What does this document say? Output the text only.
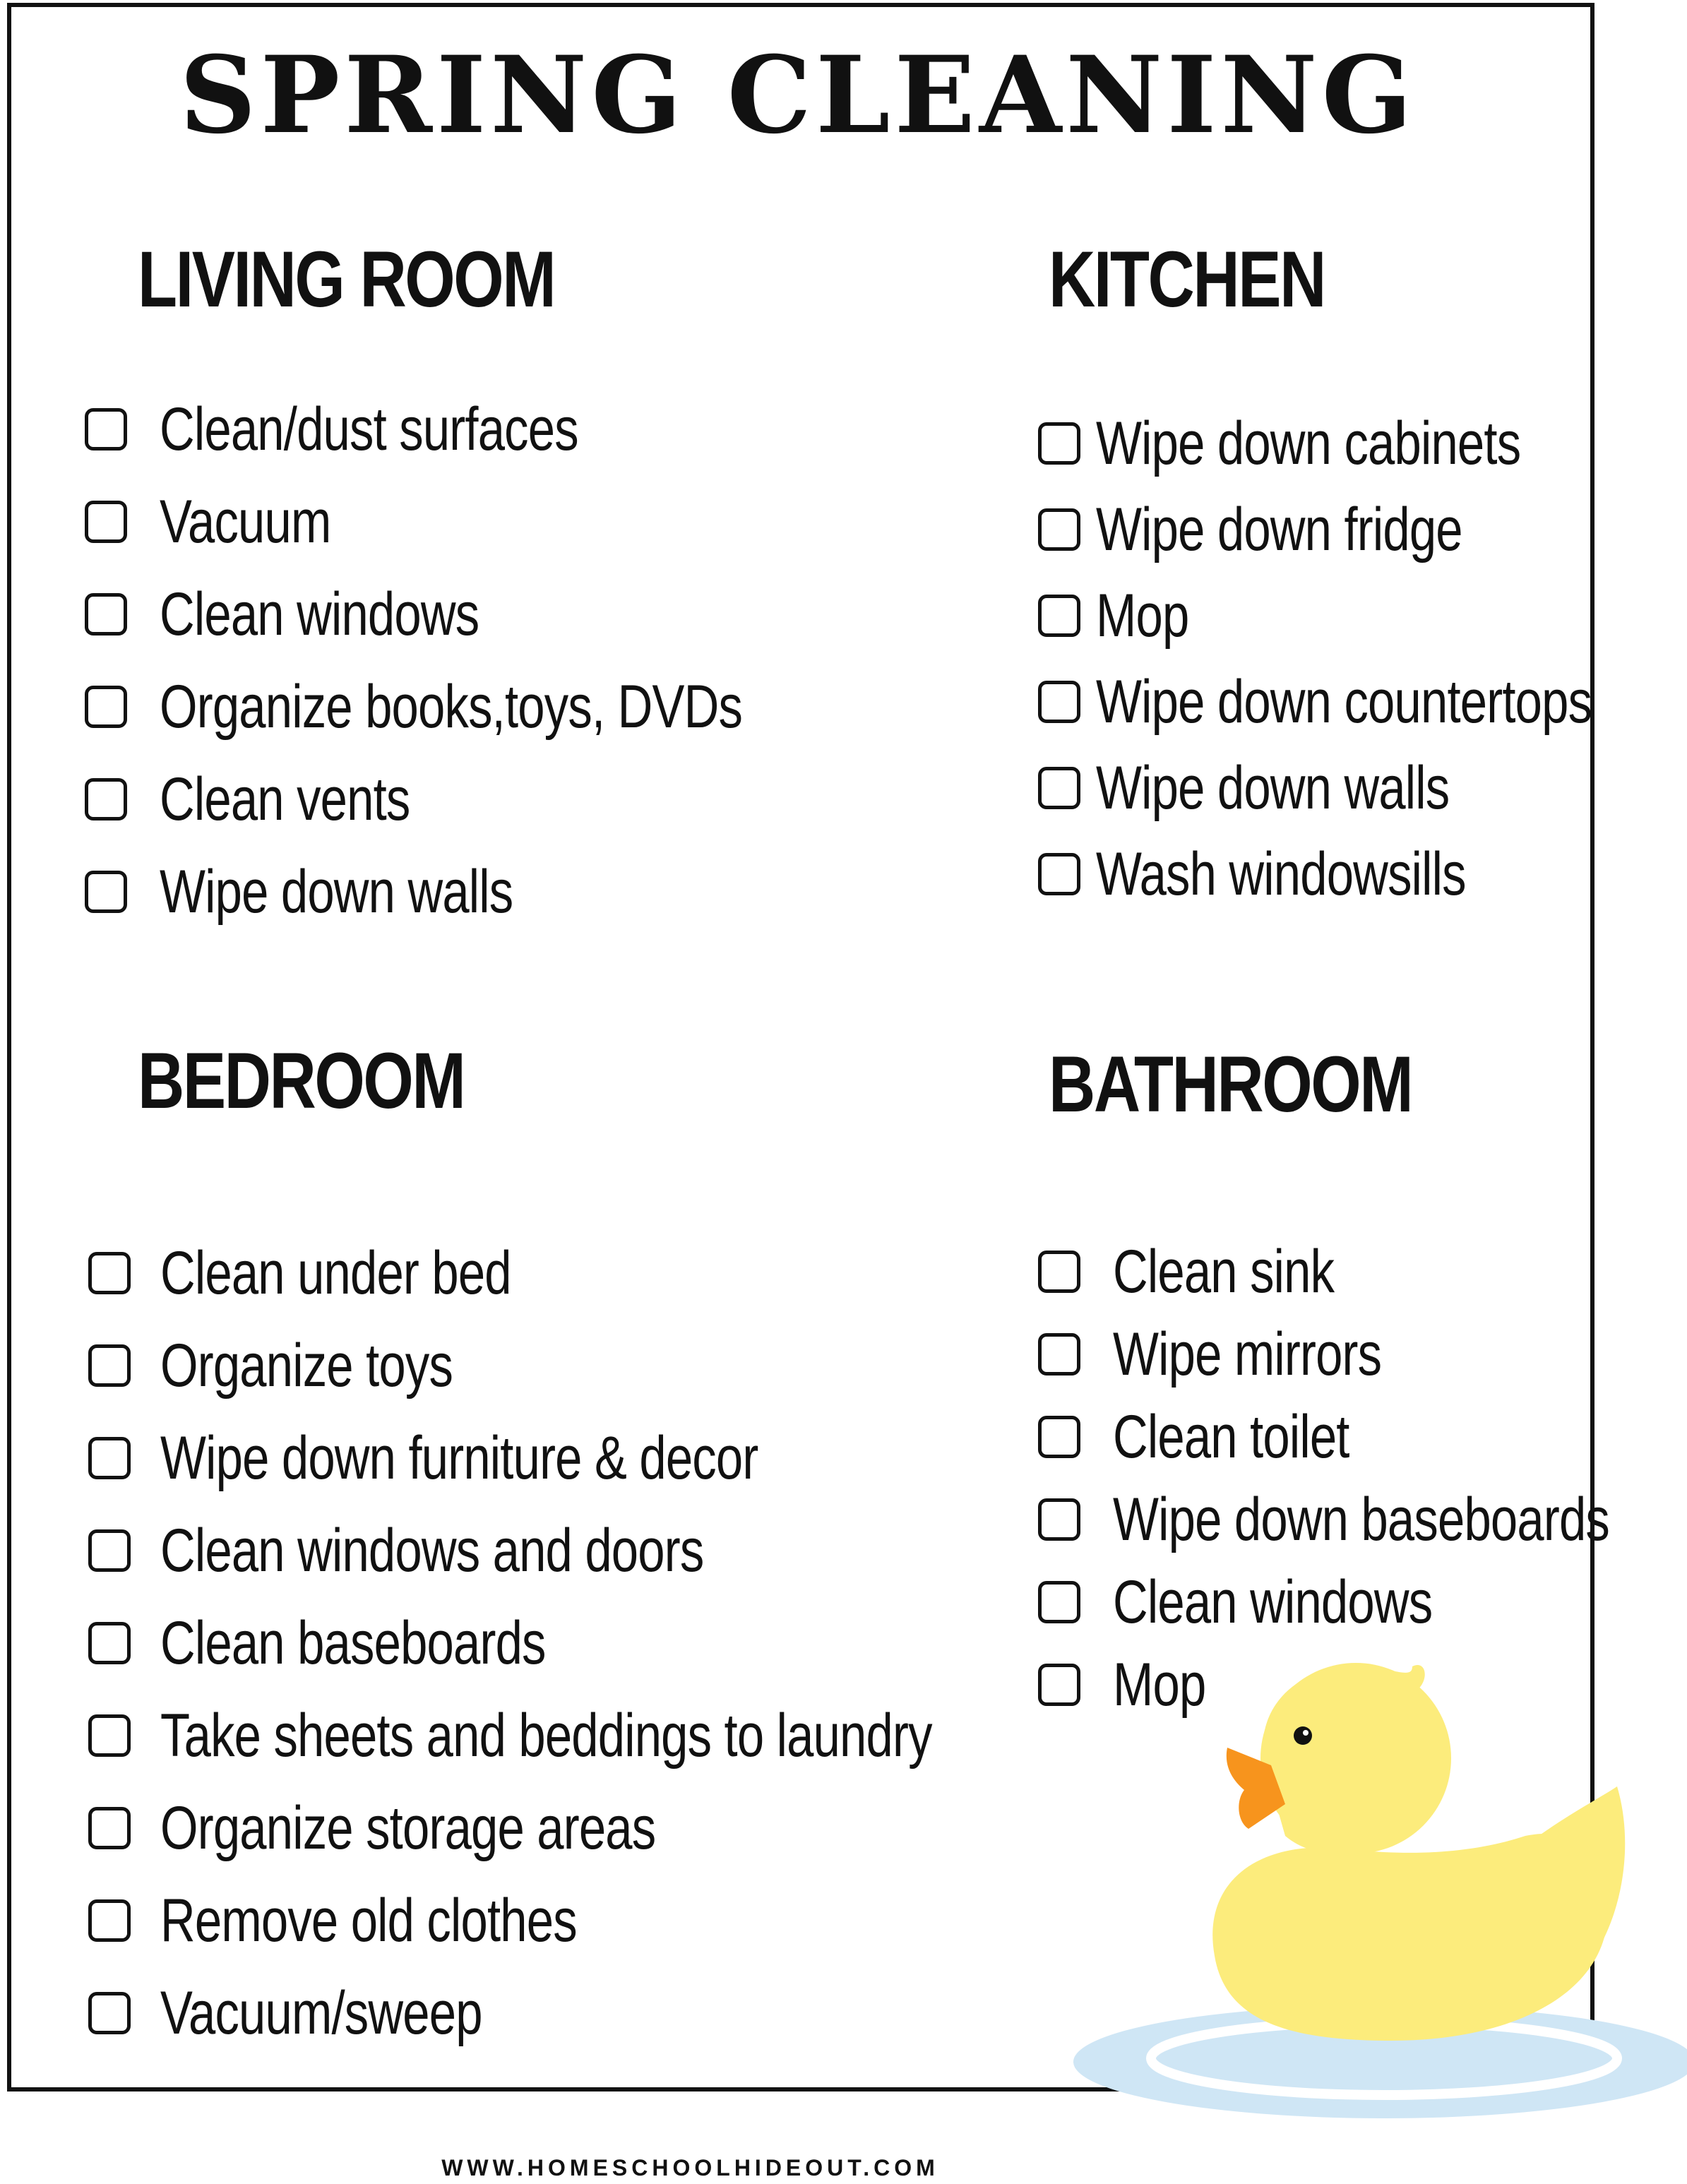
SPRING CLEANING
LIVING ROOM
Clean/dust surfaces
Vacuum
Clean windows
Organize books,toys, DVDs
Clean vents
Wipe down walls
KITCHEN
Wipe down cabinets
Wipe down fridge
Mop
Wipe down countertops
Wipe down walls
Wash windowsills
BEDROOM
Clean under bed
Organize toys
Wipe down furniture & decor
Clean windows and doors
Clean baseboards
Take sheets and beddings to laundry
Organize storage areas
Remove old clothes
Vacuum/sweep
BATHROOM
Clean sink
Wipe mirrors
Clean toilet
Wipe down baseboards
Clean windows
Mop
WWW.HOMESCHOOLHIDEOUT.COM
